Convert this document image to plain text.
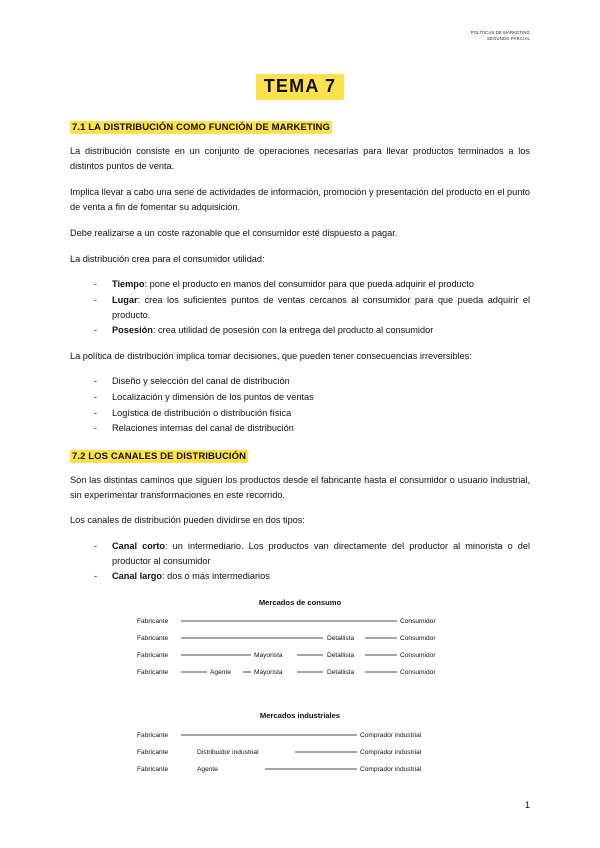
POLÍTICAS DE MARKETING
SEGUNDO PARCIAL
TEMA 7
7.1 LA DISTRIBUCIÓN COMO FUNCIÓN DE MARKETING

La distribución consiste en un conjunto de operaciones necesarias para llevar productos terminados a los distintos puntos de venta.

Implica llevar a cabo una serie de actividades de información, promoción y presentación del producto en el punto de venta a fin de fomentar su adquisición.

Debe realizarse a un coste razonable que el consumidor esté dispuesto a pagar.

La distribución crea para el consumidor utilidad:

- Tiempo: pone el producto en manos del consumidor para que pueda adquirir el producto
- Lugar: crea los suficientes puntos de ventas cercanos al consumidor para que pueda adquirir el producto.
- Posesión: crea utilidad de posesión con la entrega del producto al consumidor

La política de distribución implica tomar decisiones, que pueden tener consecuencias irreversibles:

- Diseño y selección del canal de distribución
- Localización y dimensión de los puntos de ventas
- Logística de distribución o distribución física
- Relaciones internas del canal de distribución
7.2 LOS CANALES DE DISTRIBUCIÓN

Son las distintas caminos que siguen los productos desde el fabricante hasta el consumidor o usuario industrial, sin experimentar transformaciones en este recorrido.

Los canales de distribución pueden dividirse en dos tipos:

- Canal corto: un intermediario. Los productos van directamente del productor al minorista o del productor al consumidor
- Canal largo: dos o más intermediarios
Mercados de consumo
Fabricante	Consumidor
Fabricante	Detallista	Consumidor
Fabricante	Mayorista	Detallista	Consumidor
Fabricante	Agente	Mayorista	Detallista	Consumidor
Mercados industriales
Fabricante	Comprador industrial
Fabricante	Distribuidor industrial	Comprador industrial
Fabricante	Agente	Comprador industrial
1
